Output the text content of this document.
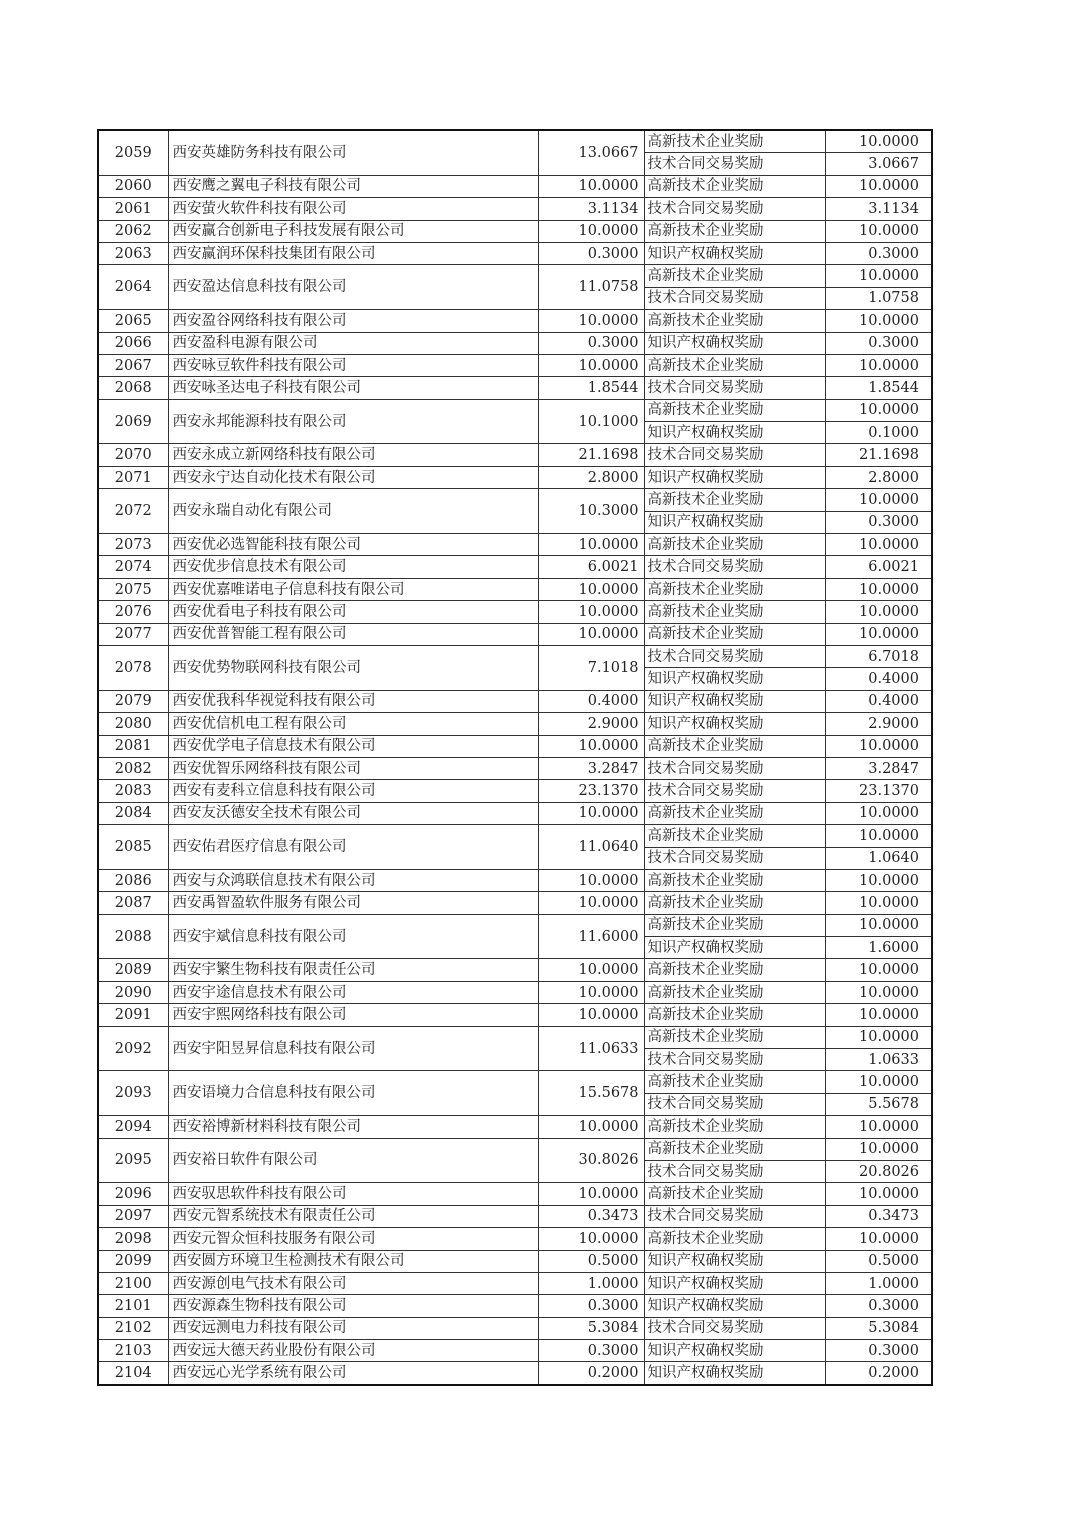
2059	西安英雄防务科技有限公司	13.0667	高新技术企业奖励	10.0000
			技术合同交易奖励	3.0667
2060	西安鹰之翼电子科技有限公司	10.0000	高新技术企业奖励	10.0000
2061	西安萤火软件科技有限公司	3.1134	技术合同交易奖励	3.1134
2062	西安赢合创新电子科技发展有限公司	10.0000	高新技术企业奖励	10.0000
2063	西安赢润环保科技集团有限公司	0.3000	知识产权确权奖励	0.3000
2064	西安盈达信息科技有限公司	11.0758	高新技术企业奖励	10.0000
			技术合同交易奖励	1.0758
2065	西安盈谷网络科技有限公司	10.0000	高新技术企业奖励	10.0000
2066	西安盈科电源有限公司	0.3000	知识产权确权奖励	0.3000
2067	西安咏豆软件科技有限公司	10.0000	高新技术企业奖励	10.0000
2068	西安咏圣达电子科技有限公司	1.8544	技术合同交易奖励	1.8544
2069	西安永邦能源科技有限公司	10.1000	高新技术企业奖励	10.0000
			知识产权确权奖励	0.1000
2070	西安永成立新网络科技有限公司	21.1698	技术合同交易奖励	21.1698
2071	西安永宁达自动化技术有限公司	2.8000	知识产权确权奖励	2.8000
2072	西安永瑞自动化有限公司	10.3000	高新技术企业奖励	10.0000
			知识产权确权奖励	0.3000
2073	西安优必选智能科技有限公司	10.0000	高新技术企业奖励	10.0000
2074	西安优步信息技术有限公司	6.0021	技术合同交易奖励	6.0021
2075	西安优嘉唯诺电子信息科技有限公司	10.0000	高新技术企业奖励	10.0000
2076	西安优看电子科技有限公司	10.0000	高新技术企业奖励	10.0000
2077	西安优普智能工程有限公司	10.0000	高新技术企业奖励	10.0000
2078	西安优势物联网科技有限公司	7.1018	技术合同交易奖励	6.7018
			知识产权确权奖励	0.4000
2079	西安优我科华视觉科技有限公司	0.4000	知识产权确权奖励	0.4000
2080	西安优信机电工程有限公司	2.9000	知识产权确权奖励	2.9000
2081	西安优学电子信息技术有限公司	10.0000	高新技术企业奖励	10.0000
2082	西安优智乐网络科技有限公司	3.2847	技术合同交易奖励	3.2847
2083	西安有麦科立信息科技有限公司	23.1370	技术合同交易奖励	23.1370
2084	西安友沃德安全技术有限公司	10.0000	高新技术企业奖励	10.0000
2085	西安佑君医疗信息有限公司	11.0640	高新技术企业奖励	10.0000
			技术合同交易奖励	1.0640
2086	西安与众鸿联信息技术有限公司	10.0000	高新技术企业奖励	10.0000
2087	西安禹智盈软件服务有限公司	10.0000	高新技术企业奖励	10.0000
2088	西安宇斌信息科技有限公司	11.6000	高新技术企业奖励	10.0000
			知识产权确权奖励	1.6000
2089	西安宇繁生物科技有限责任公司	10.0000	高新技术企业奖励	10.0000
2090	西安宇途信息技术有限公司	10.0000	高新技术企业奖励	10.0000
2091	西安宇熙网络科技有限公司	10.0000	高新技术企业奖励	10.0000
2092	西安宇阳昱昇信息科技有限公司	11.0633	高新技术企业奖励	10.0000
			技术合同交易奖励	1.0633
2093	西安语境力合信息科技有限公司	15.5678	高新技术企业奖励	10.0000
			技术合同交易奖励	5.5678
2094	西安裕博新材料科技有限公司	10.0000	高新技术企业奖励	10.0000
2095	西安裕日软件有限公司	30.8026	高新技术企业奖励	10.0000
			技术合同交易奖励	20.8026
2096	西安驭思软件科技有限公司	10.0000	高新技术企业奖励	10.0000
2097	西安元智系统技术有限责任公司	0.3473	技术合同交易奖励	0.3473
2098	西安元智众恒科技服务有限公司	10.0000	高新技术企业奖励	10.0000
2099	西安圆方环境卫生检测技术有限公司	0.5000	知识产权确权奖励	0.5000
2100	西安源创电气技术有限公司	1.0000	知识产权确权奖励	1.0000
2101	西安源森生物科技有限公司	0.3000	知识产权确权奖励	0.3000
2102	西安远测电力科技有限公司	5.3084	技术合同交易奖励	5.3084
2103	西安远大德天药业股份有限公司	0.3000	知识产权确权奖励	0.3000
2104	西安远心光学系统有限公司	0.2000	知识产权确权奖励	0.2000
